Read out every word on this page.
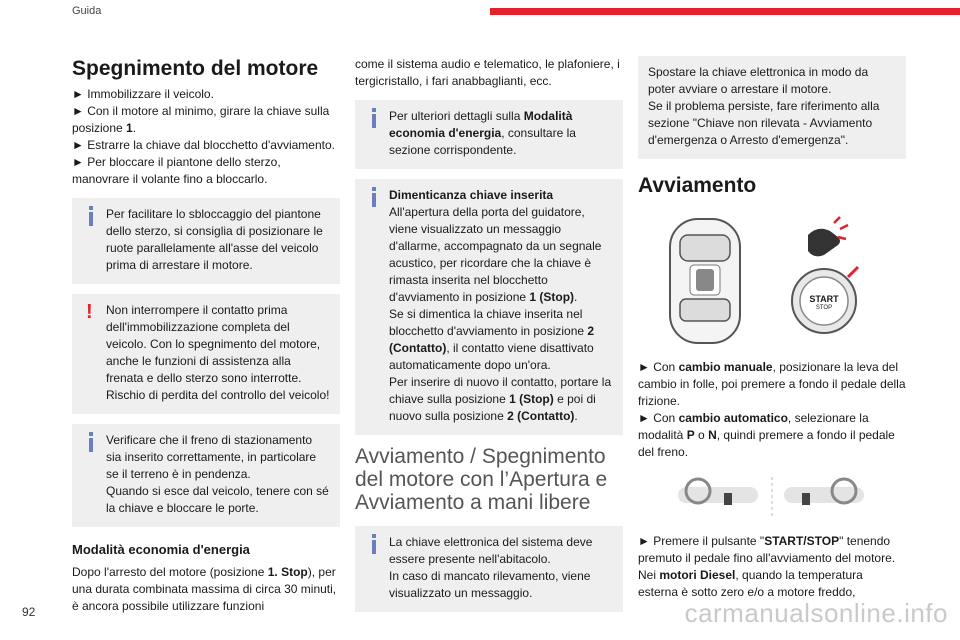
Guida
Spegnimento del motore

► Immobilizzare il veicolo.

► Con il motore al minimo, girare la chiave sulla posizione 1.

► Estrarre la chiave dal blocchetto d'avviamento.

► Per bloccare il piantone dello sterzo, manovrare il volante fino a bloccarlo.

Per facilitare lo sbloccaggio del piantone dello sterzo, si consiglia di posizionare le ruote parallelamente all'asse del veicolo prima di arrestare il motore.

!	Non interrompere il contatto prima dell'immobilizzazione completa del veicolo. Con lo spegnimento del motore, anche le funzioni di assistenza alla frenata e dello sterzo sono interrotte. Rischio di perdita del controllo del veicolo!

Verificare che il freno di stazionamento sia inserito correttamente, in particolare se il terreno è in pendenza.

Quando si esce dal veicolo, tenere con sé la chiave e bloccare le porte.

Modalità economia d'energia

Dopo l'arresto del motore (posizione 1. Stop), per una durata combinata massima di circa 30 minuti, è ancora possibile utilizzare funzioni

come il sistema audio e telematico, le plafoniere, i tergicristallo, i fari anabbaglianti, ecc.

Per ulteriori dettagli sulla Modalità economia d'energia, consultare la sezione corrispondente.

Dimenticanza chiave inserita

All'apertura della porta del guidatore, viene visualizzato un messaggio d'allarme, accompagnato da un segnale acustico, per ricordare che la chiave è rimasta inserita nel blocchetto d'avviamento in posizione 1 (Stop).

Se si dimentica la chiave inserita nel blocchetto d'avviamento in posizione 2 (Contatto), il contatto viene disattivato automaticamente dopo un'ora.

Per inserire di nuovo il contatto, portare la chiave sulla posizione 1 (Stop) e poi di nuovo sulla posizione 2 (Contatto).

Avviamento / Spegnimento del motore con l’Apertura e Avviamento a mani libere

La chiave elettronica del sistema deve essere presente nell'abitacolo.

In caso di mancato rilevamento, viene visualizzato un messaggio.

Spostare la chiave elettronica in modo da poter avviare o arrestare il motore.

Se il problema persiste, fare riferimento alla sezione "Chiave non rilevata - Avviamento d'emergenza o Arresto d'emergenza".

Avviamento
START
STOP

► Con cambio manuale, posizionare la leva del cambio in folle, poi premere a fondo il pedale della frizione.

► Con cambio automatico, selezionare la modalità P o N, quindi premere a fondo il pedale del freno.

► Premere il pulsante "START/STOP" tenendo premuto il pedale fino all'avviamento del motore. Nei motori Diesel, quando la temperatura esterna è sotto zero e/o a motore freddo,

92	carmanualsonline.info
